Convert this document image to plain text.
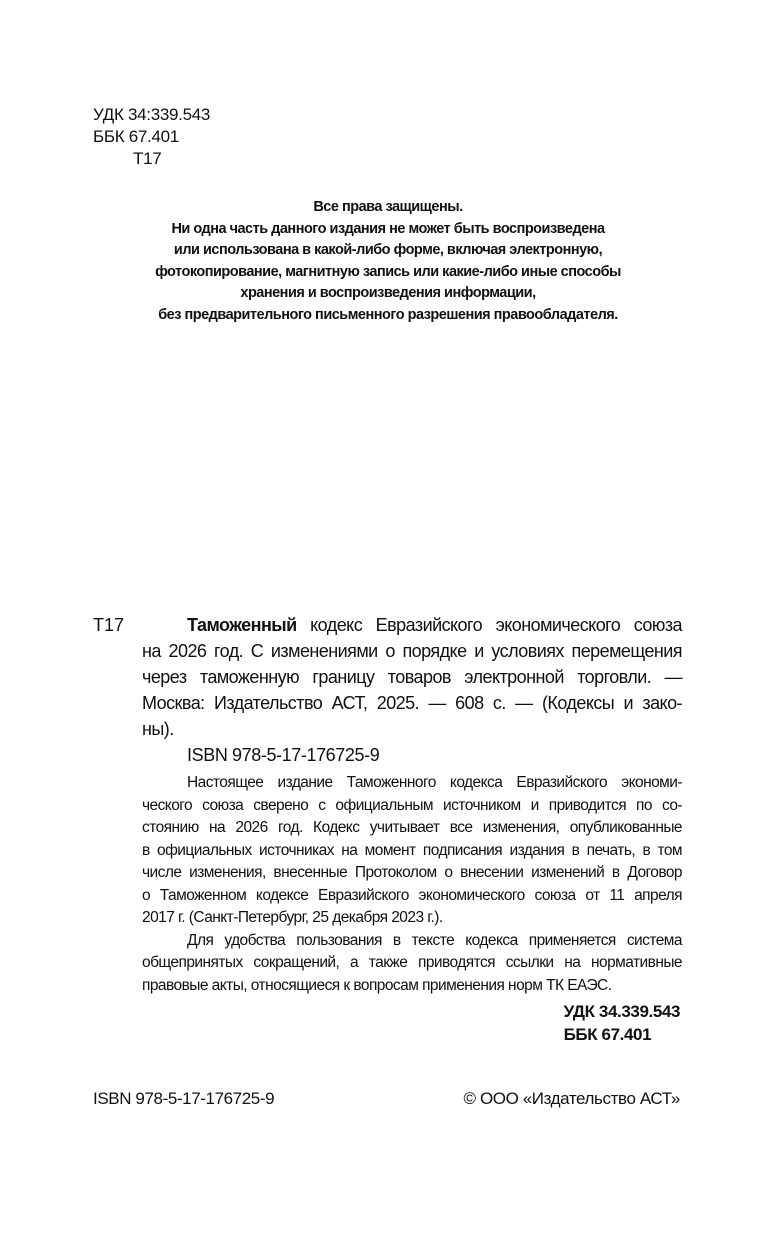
УДК 34:339.543
ББК 67.401
Т17
Все права защищены.
Ни одна часть данного издания не может быть воспроизведена
или использована в какой-либо форме, включая электронную,
фотокопирование, магнитную запись или какие-либо иные способы
хранения и воспроизведения информации,
без предварительного письменного разрешения правообладателя.
Т17	Таможенный кодекс Евразийского экономического союза
на 2026 год. С изменениями о порядке и условиях перемещения
через таможенную границу товаров электронной торговли. —
Москва: Издательство АСТ, 2025. — 608 с. — (Кодексы и зако-
ны).
ISBN 978-5-17-176725-9
Настоящее издание Таможенного кодекса Евразийского экономи-
ческого союза сверено с официальным источником и приводится по со-
стоянию на 2026 год. Кодекс учитывает все изменения, опубликованные
в официальных источниках на момент подписания издания в печать, в том
числе изменения, внесенные Протоколом о внесении изменений в Договор
о Таможенном кодексе Евразийского экономического союза от 11 апреля
2017 г. (Санкт-Петербург, 25 декабря 2023 г.).
Для удобства пользования в тексте кодекса применяется система
общепринятых сокращений, а также приводятся ссылки на нормативные
правовые акты, относящиеся к вопросам применения норм ТК ЕАЭС.
УДК 34.339.543
ББК 67.401
ISBN 978-5-17-176725-9	© ООО «Издательство АСТ»
